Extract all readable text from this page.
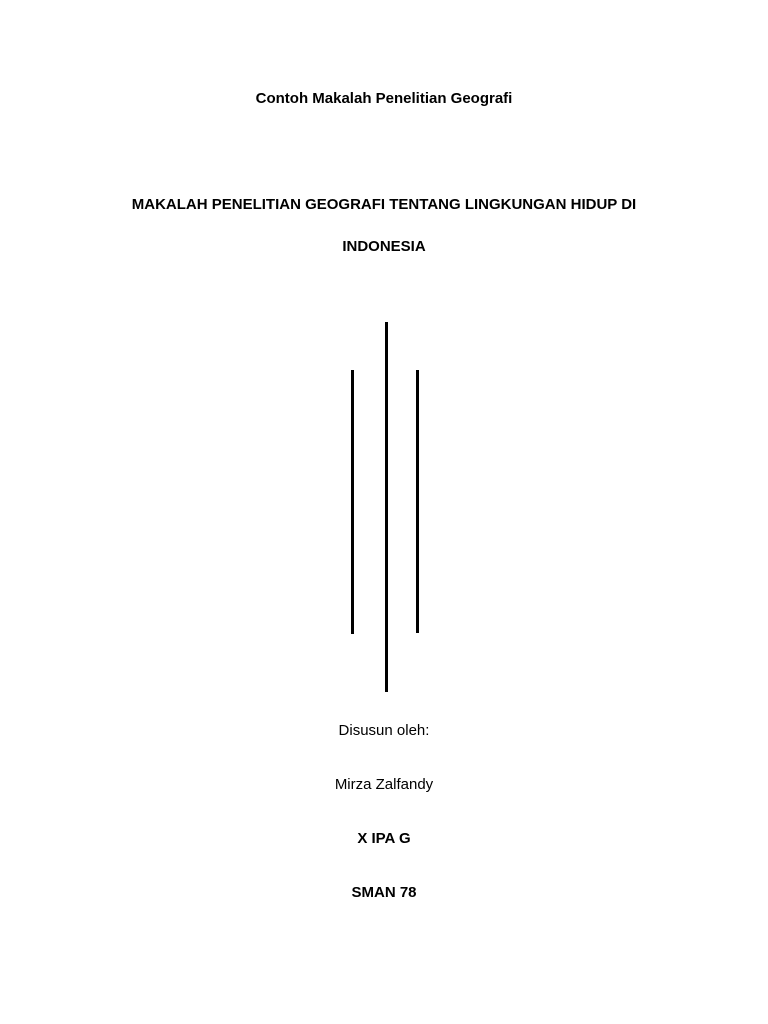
Contoh Makalah Penelitian Geografi
MAKALAH PENELITIAN GEOGRAFI TENTANG LINGKUNGAN HIDUP DI
INDONESIA
Disusun oleh:
Mirza Zalfandy
X IPA G
SMAN 78
